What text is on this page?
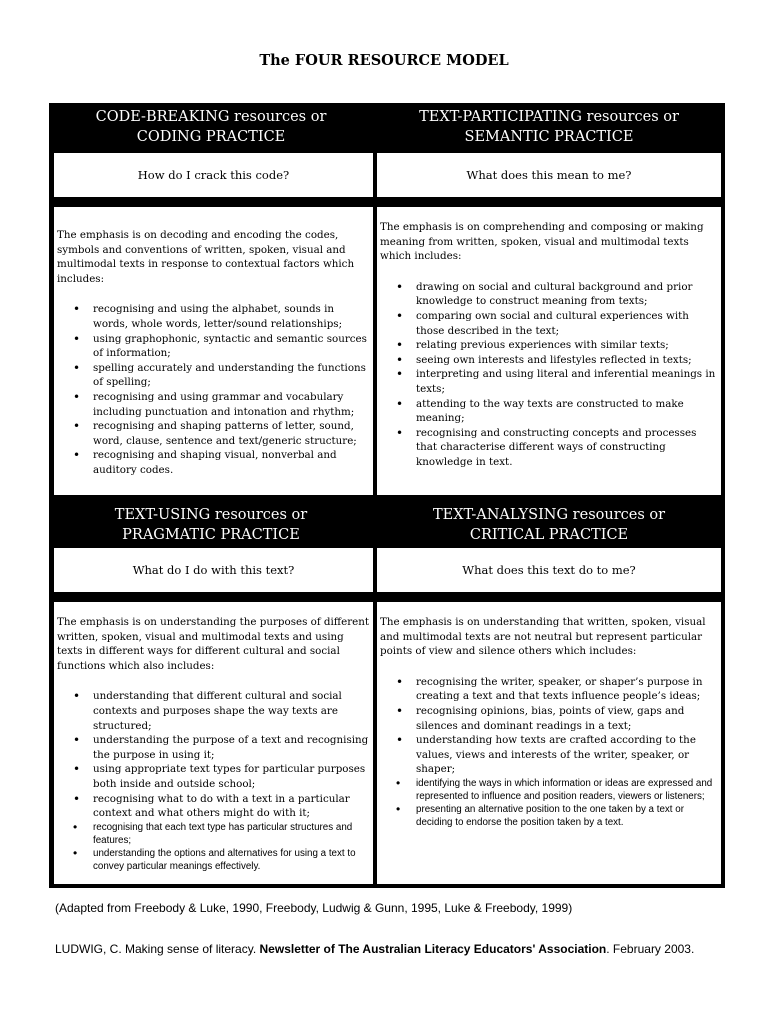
The FOUR RESOURCE MODEL
CODE-BREAKING resources or
CODING PRACTICE
TEXT-PARTICIPATING resources or
SEMANTIC PRACTICE
How do I crack this code?	What does this mean to me?

The emphasis is on decoding and encoding the codes, symbols and conventions of written, spoken, visual and multimodal texts in response to contextual factors which includes:

• recognising and using the alphabet, sounds in words, whole words, letter/sound relationships;
• using graphophonic, syntactic and semantic sources of information;
• spelling accurately and understanding the functions of spelling;
• recognising and using grammar and vocabulary including punctuation and intonation and rhythm;
• recognising and shaping patterns of letter, sound, word, clause, sentence and text/generic structure;
• recognising and shaping visual, nonverbal and auditory codes.

The emphasis is on comprehending and composing or making meaning from written, spoken, visual and multimodal texts which includes:

• drawing on social and cultural background and prior knowledge to construct meaning from texts;
• comparing own social and cultural experiences with those described in the text;
• relating previous experiences with similar texts;
• seeing own interests and lifestyles reflected in texts;
• interpreting and using literal and inferential meanings in texts;
• attending to the way texts are constructed to make meaning;
• recognising and constructing concepts and processes that characterise different ways of constructing knowledge in text.
TEXT-USING resources or
PRAGMATIC PRACTICE
TEXT-ANALYSING resources or
CRITICAL PRACTICE
What do I do with this text?	What does this text do to me?

The emphasis is on understanding the purposes of different written, spoken, visual and multimodal texts and using texts in different ways for different cultural and social functions which also includes:

• understanding that different cultural and social contexts and purposes shape the way texts are structured;
• understanding the purpose of a text and recognising the purpose in using it;
• using appropriate text types for particular purposes both inside and outside school;
• recognising what to do with a text in a particular context and what others might do with it;
• recognising that each text type has particular structures and features;
• understanding the options and alternatives for using a text to convey particular meanings effectively.

The emphasis is on understanding that written, spoken, visual and multimodal texts are not neutral but represent particular points of view and silence others which includes:

• recognising the writer, speaker, or shaper’s purpose in creating a text and that texts influence people’s ideas;
• recognising opinions, bias, points of view, gaps and silences and dominant readings in a text;
• understanding how texts are crafted according to the values, views and interests of the writer, speaker, or shaper;
• identifying the ways in which information or ideas are expressed and represented to influence and position readers, viewers or listeners;
• presenting an alternative position to the one taken by a text or deciding to endorse the position taken by a text.
(Adapted from Freebody & Luke, 1990, Freebody, Ludwig & Gunn, 1995, Luke & Freebody, 1999)
LUDWIG, C. Making sense of literacy. Newsletter of The Australian Literacy Educators' Association. February 2003.
